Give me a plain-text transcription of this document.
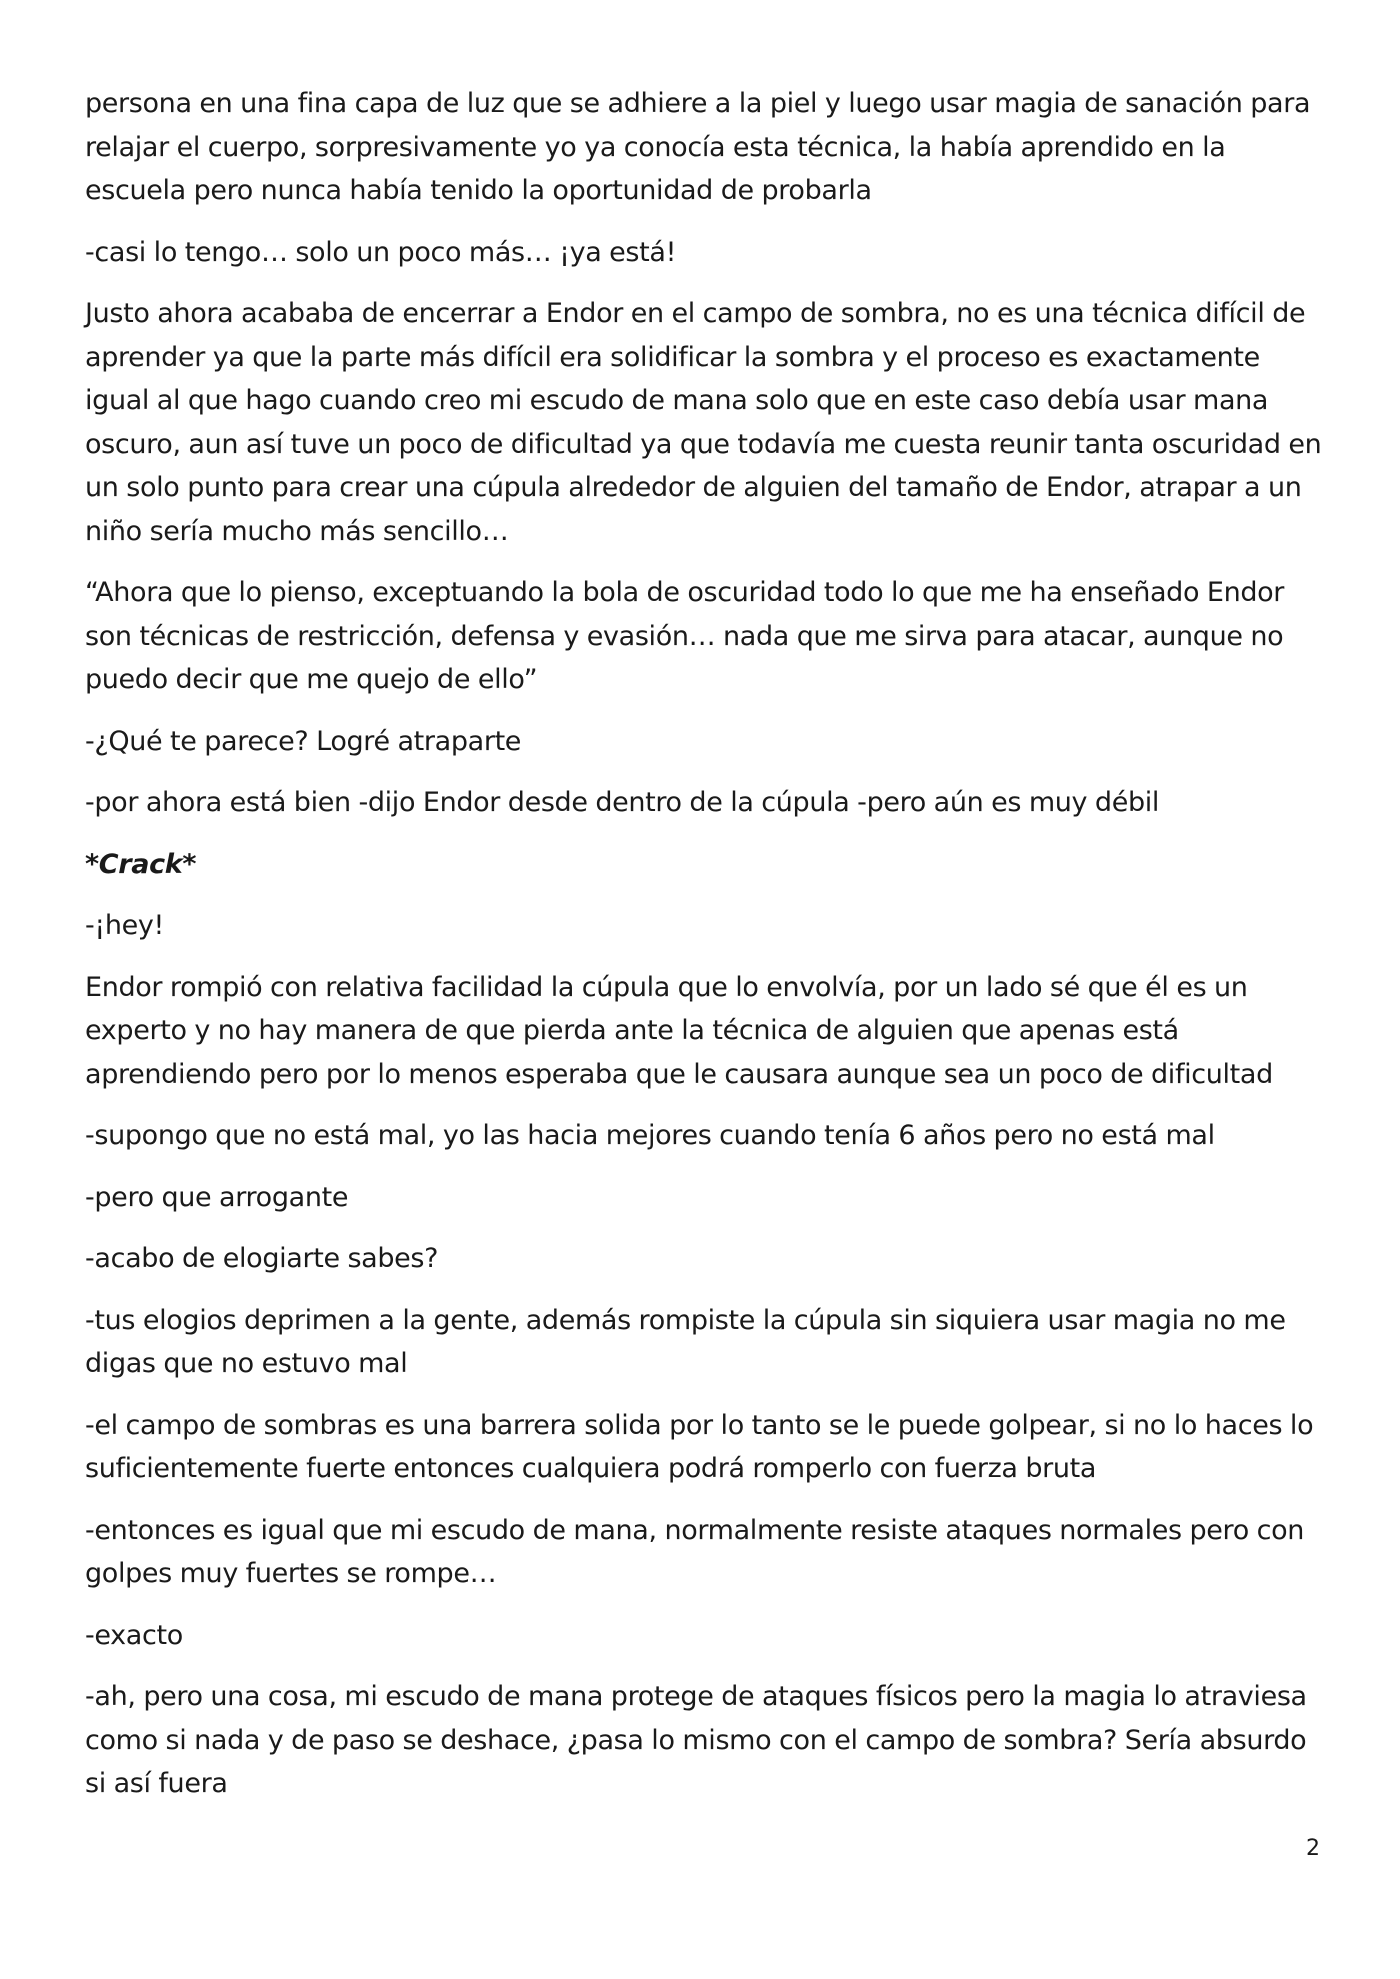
persona en una fina capa de luz que se adhiere a la piel y luego usar magia de sanación para relajar el cuerpo, sorpresivamente yo ya conocía esta técnica, la había aprendido en la escuela pero nunca había tenido la oportunidad de probarla

-casi lo tengo… solo un poco más… ¡ya está!

Justo ahora acababa de encerrar a Endor en el campo de sombra, no es una técnica difícil de aprender ya que la parte más difícil era solidificar la sombra y el proceso es exactamente igual al que hago cuando creo mi escudo de mana solo que en este caso debía usar mana oscuro, aun así tuve un poco de dificultad ya que todavía me cuesta reunir tanta oscuridad en un solo punto para crear una cúpula alrededor de alguien del tamaño de Endor, atrapar a un niño sería mucho más sencillo…

“Ahora que lo pienso, exceptuando la bola de oscuridad todo lo que me ha enseñado Endor son técnicas de restricción, defensa y evasión… nada que me sirva para atacar, aunque no puedo decir que me quejo de ello”

-¿Qué te parece? Logré atraparte

-por ahora está bien -dijo Endor desde dentro de la cúpula -pero aún es muy débil

*Crack*

-¡hey!

Endor rompió con relativa facilidad la cúpula que lo envolvía, por un lado sé que él es un experto y no hay manera de que pierda ante la técnica de alguien que apenas está aprendiendo pero por lo menos esperaba que le causara aunque sea un poco de dificultad

-supongo que no está mal, yo las hacia mejores cuando tenía 6 años pero no está mal

-pero que arrogante

-acabo de elogiarte sabes?

-tus elogios deprimen a la gente, además rompiste la cúpula sin siquiera usar magia no me digas que no estuvo mal

-el campo de sombras es una barrera solida por lo tanto se le puede golpear, si no lo haces lo suficientemente fuerte entonces cualquiera podrá romperlo con fuerza bruta

-entonces es igual que mi escudo de mana, normalmente resiste ataques normales pero con golpes muy fuertes se rompe…

-exacto

-ah, pero una cosa, mi escudo de mana protege de ataques físicos pero la magia lo atraviesa como si nada y de paso se deshace, ¿pasa lo mismo con el campo de sombra? Sería absurdo si así fuera

2
